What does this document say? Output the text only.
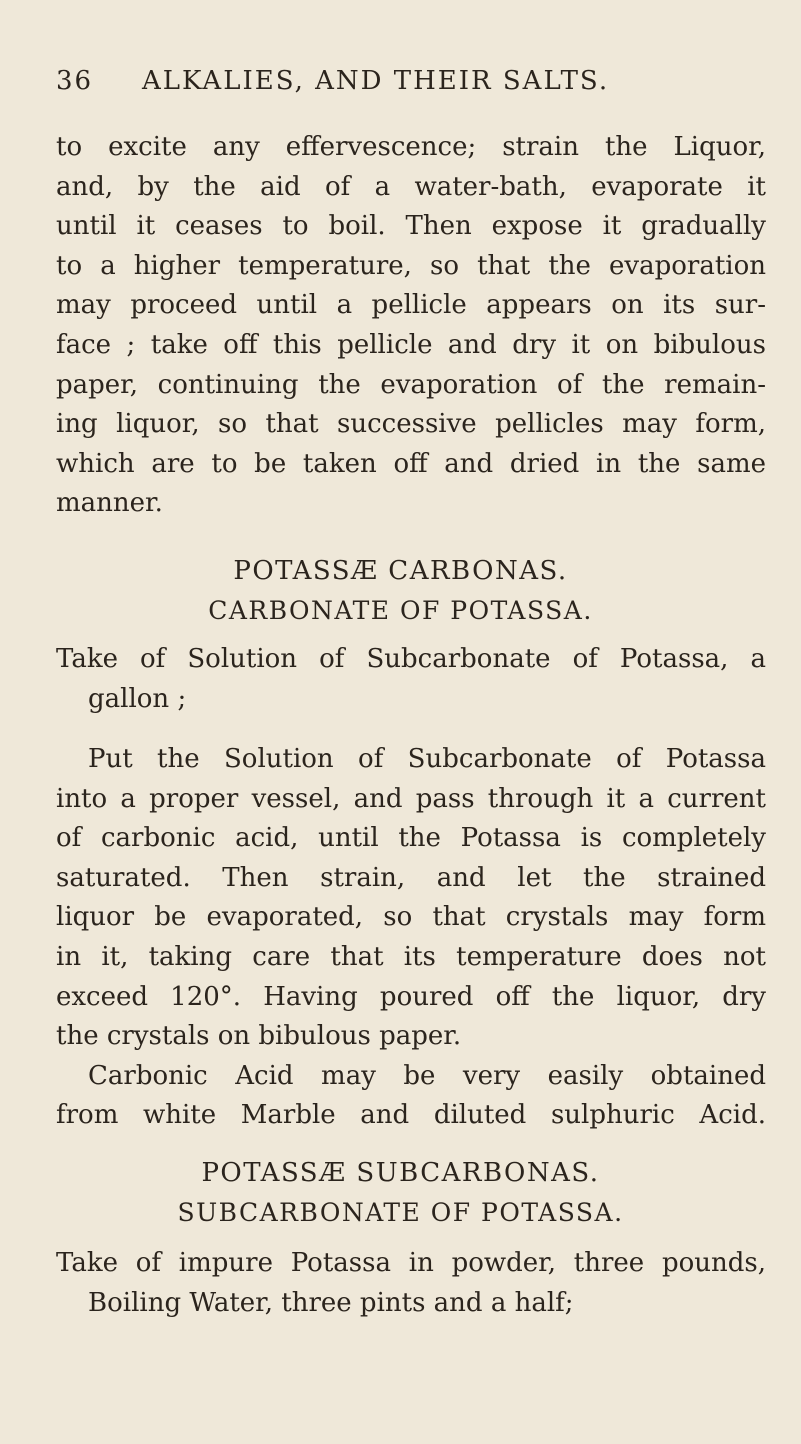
36 ALKALIES, AND THEIR SALTS.
to excite any effervescence; strain the Liquor,
and, by the aid of a water-bath, evaporate it
until it ceases to boil. Then expose it gradually
to a higher temperature, so that the evaporation
may proceed until a pellicle appears on its sur-
face ; take off this pellicle and dry it on bibulous
paper, continuing the evaporation of the remain-
ing liquor, so that successive pellicles may form,
which are to be taken off and dried in the same
manner.
POTASSÆ CARBONAS.
CARBONATE OF POTASSA.
Take of Solution of Subcarbonate of Potassa, a
gallon ;
Put the Solution of Subcarbonate of Potassa
into a proper vessel, and pass through it a current
of carbonic acid, until the Potassa is completely
saturated. Then strain, and let the strained
liquor be evaporated, so that crystals may form
in it, taking care that its temperature does not
exceed 120°. Having poured off the liquor, dry
the crystals on bibulous paper.
Carbonic Acid may be very easily obtained
from white Marble and diluted sulphuric Acid.
POTASSÆ SUBCARBONAS.
SUBCARBONATE OF POTASSA.
Take of impure Potassa in powder, three pounds,
Boiling Water, three pints and a half;
